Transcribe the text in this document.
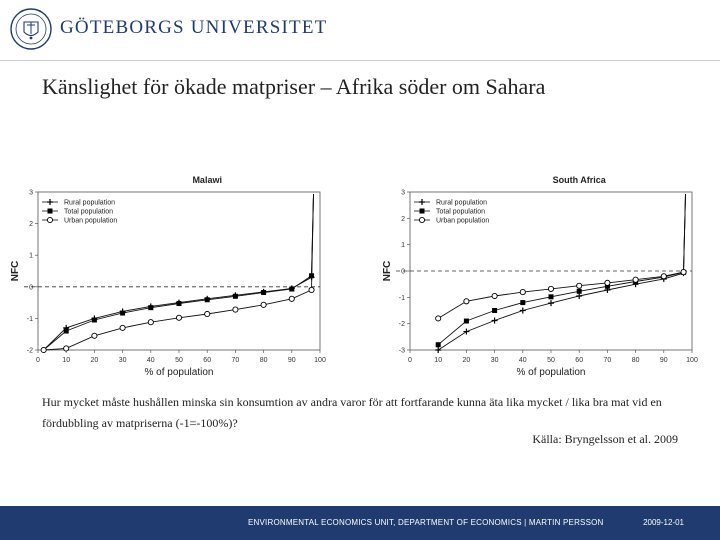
GÖTEBORGS UNIVERSITET
Känslighet för ökade matpriser – Afrika söder om Sahara
0	10	20	30	40	50	60	70	80	90	100
-2
-1
0
1
2
3
Malawi
% of population
NFC
Rural population
Total population
Urban population
0	10	20	30	40	50	60	70	80	90	100
-3
-2
-1
0
1
2
3
South Africa
% of population
NFC
Rural population
Total population
Urban population
Hur mycket måste hushållen minska sin konsumtion av andra varor för att fortfarande kunna äta lika mycket / lika bra mat vid en fördubbling av matpriserna (-1=-100%)?
Källa: Bryngelsson et al. 2009
ENVIRONMENTAL ECONOMICS UNIT, DEPARTMENT OF ECONOMICS | MARTIN PERSSON	2009-12-01
